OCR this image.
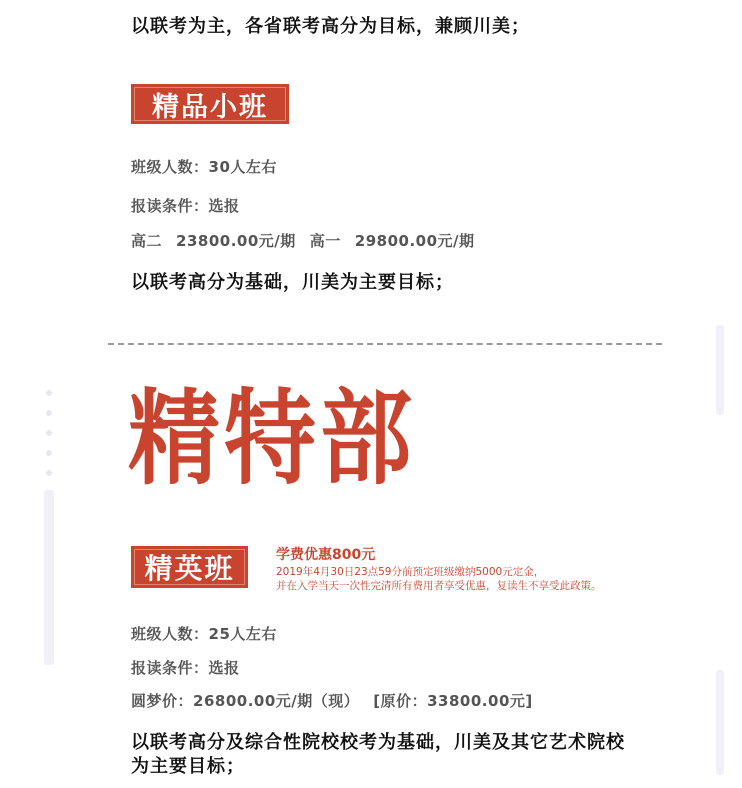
以联考为主，各省联考高分为目标，兼顾川美；
精品小班
班级人数：30人左右
报读条件：选报
高二 23800.00元/期 高一 29800.00元/期
以联考高分为基础，川美为主要目标；
精特部
精英班	学费优惠800元
2019年4月30日23点59分前预定班级缴纳5000元定金，
并在入学当天一次性完清所有费用者享受优惠，复读生不享受此政策。
班级人数：25人左右
报读条件：选报
圆梦价：26800.00元/期（现） [原价：33800.00元]
以联考高分及综合性院校校考为基础，川美及其它艺术院校
为主要目标；
